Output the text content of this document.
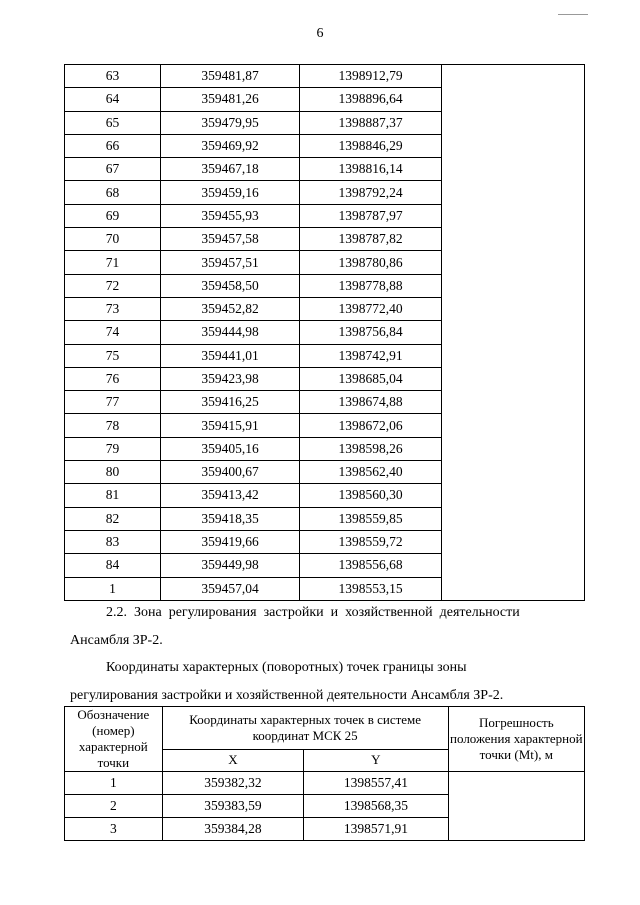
6
63	359481,87	1398912,79	
64	359481,26	1398896,64	
65	359479,95	1398887,37	
66	359469,92	1398846,29	
67	359467,18	1398816,14	
68	359459,16	1398792,24	
69	359455,93	1398787,97	
70	359457,58	1398787,82	
71	359457,51	1398780,86	
72	359458,50	1398778,88	
73	359452,82	1398772,40	
74	359444,98	1398756,84	
75	359441,01	1398742,91	
76	359423,98	1398685,04	
77	359416,25	1398674,88	
78	359415,91	1398672,06	
79	359405,16	1398598,26	
80	359400,67	1398562,40	
81	359413,42	1398560,30	
82	359418,35	1398559,85	
83	359419,66	1398559,72	
84	359449,98	1398556,68	
1	359457,04	1398553,15	

2.2.  Зона  регулирования  застройки  и  хозяйственной  деятельности

Ансамбля ЗР-2.

Координаты характерных (поворотных) точек границы зоны

регулирования застройки и хозяйственной деятельности Ансамбля ЗР-2.

Обозначение (номер) характерной точки	Координаты характерных точек в системе координат МСК 25		Погрешность положения характерной точки (Mt), м
	X	Y	
1	359382,32	1398557,41	
2	359383,59	1398568,35	
3	359384,28	1398571,91	
